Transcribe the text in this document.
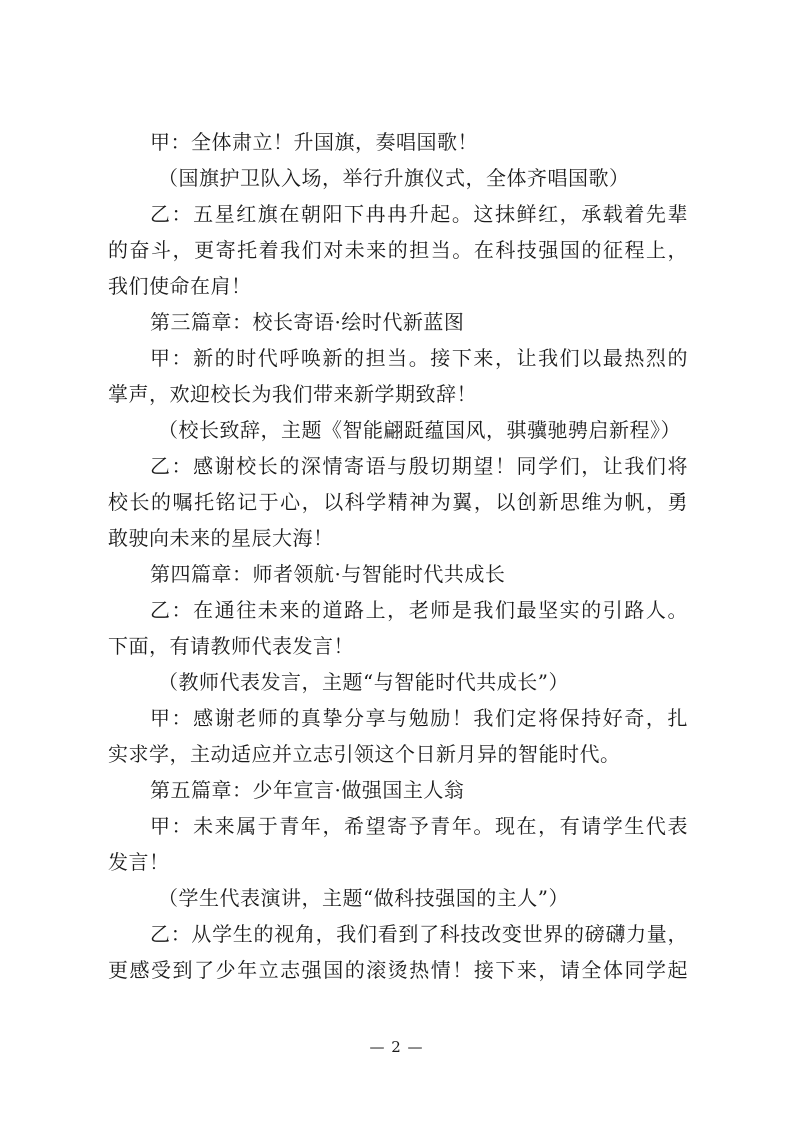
甲：全体肃立！升国旗，奏唱国歌！
（国旗护卫队入场，举行升旗仪式，全体齐唱国歌）
乙：五星红旗在朝阳下冉冉升起。这抹鲜红，承载着先辈
的奋斗，更寄托着我们对未来的担当。在科技强国的征程上，
我们使命在肩！
第三篇章：校长寄语·绘时代新蓝图
甲：新的时代呼唤新的担当。接下来，让我们以最热烈的
掌声，欢迎校长为我们带来新学期致辞！
（校长致辞，主题《智能翩跹蕴国风，骐骥驰骋启新程》）
乙：感谢校长的深情寄语与殷切期望！同学们，让我们将
校长的嘱托铭记于心，以科学精神为翼，以创新思维为帆，勇
敢驶向未来的星辰大海！
第四篇章：师者领航·与智能时代共成长
乙：在通往未来的道路上，老师是我们最坚实的引路人。
下面，有请教师代表发言！
（教师代表发言，主题“与智能时代共成长”）
甲：感谢老师的真挚分享与勉励！我们定将保持好奇，扎
实求学，主动适应并立志引领这个日新月异的智能时代。
第五篇章：少年宣言·做强国主人翁
甲：未来属于青年，希望寄予青年。现在，有请学生代表
发言！
（学生代表演讲，主题“做科技强国的主人”）
乙：从学生的视角，我们看到了科技改变世界的磅礴力量，
更感受到了少年立志强国的滚烫热情！接下来，请全体同学起
— 2 —
